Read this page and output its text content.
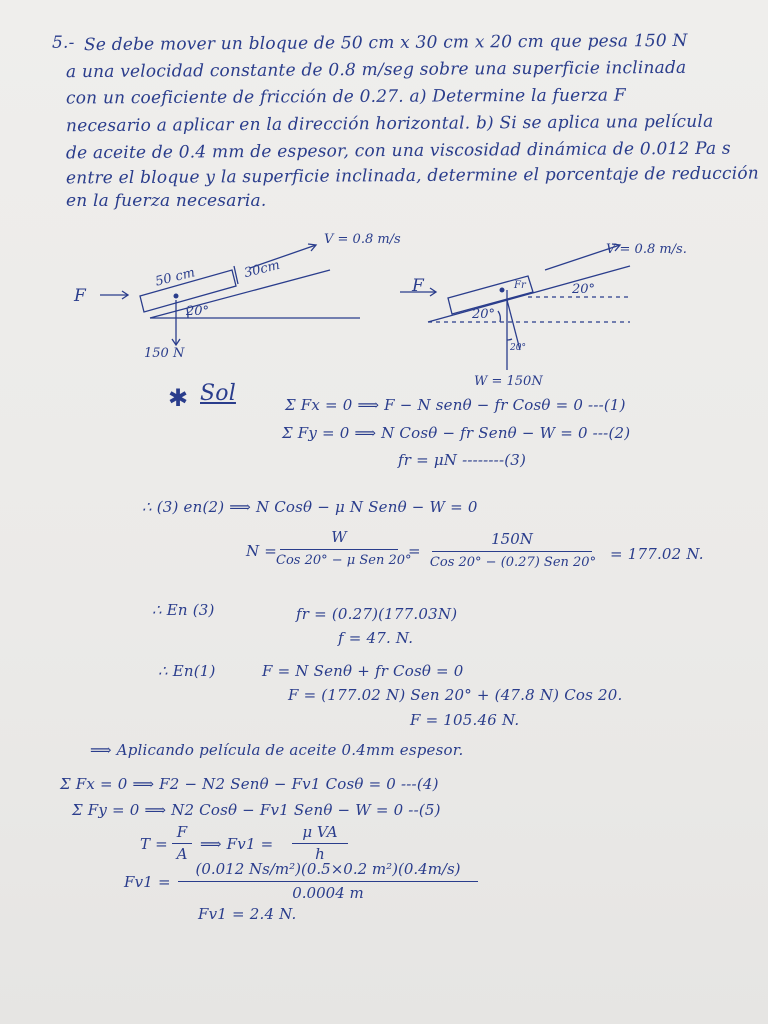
5.- Se debe mover un bloque de 50 cm x 30 cm x 20 cm que pesa 150 N
a una velocidad constante de 0.8 m/seg sobre una superficie inclinada
con un coeficiente de fricción de 0.27. a) Determine la fuerza F
necesario a aplicar en la dirección horizontal. b) Si se aplica una película
de aceite de 0.4 mm de espesor, con una viscosidad dinámica de 0.012 Pa s
entre el bloque y la superficie inclinada, determine el porcentaje de reducción
en la fuerza necesaria.
F
V = 0.8 m/s
50 cm	30cm
20°
150 N
F
V = 0.8 m/s.
Fr	20°
20°
20°
W = 150N
✱ Sol	Σ Fx = 0 ⟹ F − N senθ − fr Cosθ = 0 ---(1)
Σ Fy = 0 ⟹ N Cosθ − fr Senθ − W = 0 ---(2)
fr = μN --------(3)
∴ (3) en(2) ⟹ N Cosθ − μ N Senθ − W = 0
N =
W
Cos 20° − μ Sen 20°
=
150N
Cos 20° − (0.27) Sen 20° = 177.02 N.
∴ En (3)	fr = (0.27)(177.03N)
f = 47. N.
∴ En(1)	F = N Senθ + fr Cosθ = 0
F = (177.02 N) Sen 20° + (47.8 N) Cos 20.
F = 105.46 N.
⟹ Aplicando película de aceite 0.4mm espesor.
Σ Fx = 0 ⟹ F2 − N2 Senθ − Fv1 Cosθ = 0 ---(4)
Σ Fy = 0 ⟹ N2 Cosθ − Fv1 Senθ − W = 0 --(5)
T =
F
A
⟹ Fv1 =
μ VA
h
Fv1 =
(0.012 Ns/m²)(0.5×0.2 m²)(0.4m/s)
0.0004 m
Fv1 = 2.4 N.
